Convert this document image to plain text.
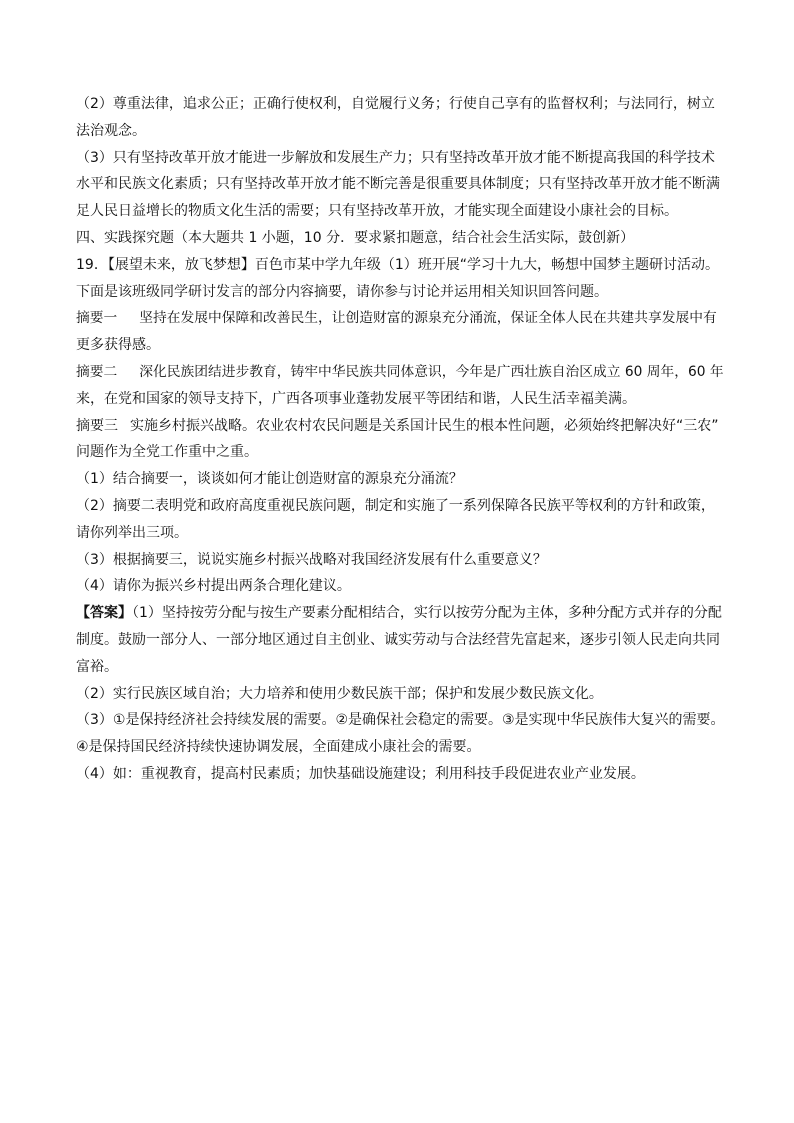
（2）尊重法律，追求公正；正确行使权利，自觉履行义务；行使自己享有的监督权利；与法同行，树立
法治观念。
（3）只有坚持改革开放才能进一步解放和发展生产力；只有坚持改革开放才能不断提高我国的科学技术
水平和民族文化素质；只有坚持改革开放才能不断完善是很重要具体制度；只有坚持改革开放才能不断满
足人民日益增长的物质文化生活的需要；只有坚持改革开放，才能实现全面建设小康社会的目标。
四、实践探究题（本大题共 1 小题，10 分．要求紧扣题意，结合社会生活实际，鼓创新）
19．【展望未来，放飞梦想】百色市某中学九年级（1）班开展“学习十九大，畅想中国梦主题研讨活动。
下面是该班级同学研讨发言的部分内容摘要，请你参与讨论并运用相关知识回答问题。
摘要一 坚持在发展中保障和改善民生，让创造财富的源泉充分涌流，保证全体人民在共建共享发展中有
更多获得感。
摘要二 深化民族团结进步教育，铸牢中华民族共同体意识，今年是广西壮族自治区成立 60 周年，60 年
来，在党和国家的领导支持下，广西各项事业蓬勃发展平等团结和谐，人民生活幸福美满。
摘要三 实施乡村振兴战略。农业农村农民问题是关系国计民生的根本性问题，必须始终把解决好“三农”
问题作为全党工作重中之重。
（1）结合摘要一，谈谈如何才能让创造财富的源泉充分涌流？
（2）摘要二表明党和政府高度重视民族问题，制定和实施了一系列保障各民族平等权利的方针和政策，
请你列举出三项。
（3）根据摘要三，说说实施乡村振兴战略对我国经济发展有什么重要意义？
（4）请你为振兴乡村提出两条合理化建议。
【答案】（1）坚持按劳分配与按生产要素分配相结合，实行以按劳分配为主体，多种分配方式并存的分配
制度。鼓励一部分人、一部分地区通过自主创业、诚实劳动与合法经营先富起来，逐步引领人民走向共同
富裕。
（2）实行民族区域自治；大力培养和使用少数民族干部；保护和发展少数民族文化。
（3）①是保持经济社会持续发展的需要。②是确保社会稳定的需要。③是实现中华民族伟大复兴的需要。
④是保持国民经济持续快速协调发展，全面建成小康社会的需要。
（4）如：重视教育，提高村民素质；加快基础设施建设；利用科技手段促进农业产业发展。
